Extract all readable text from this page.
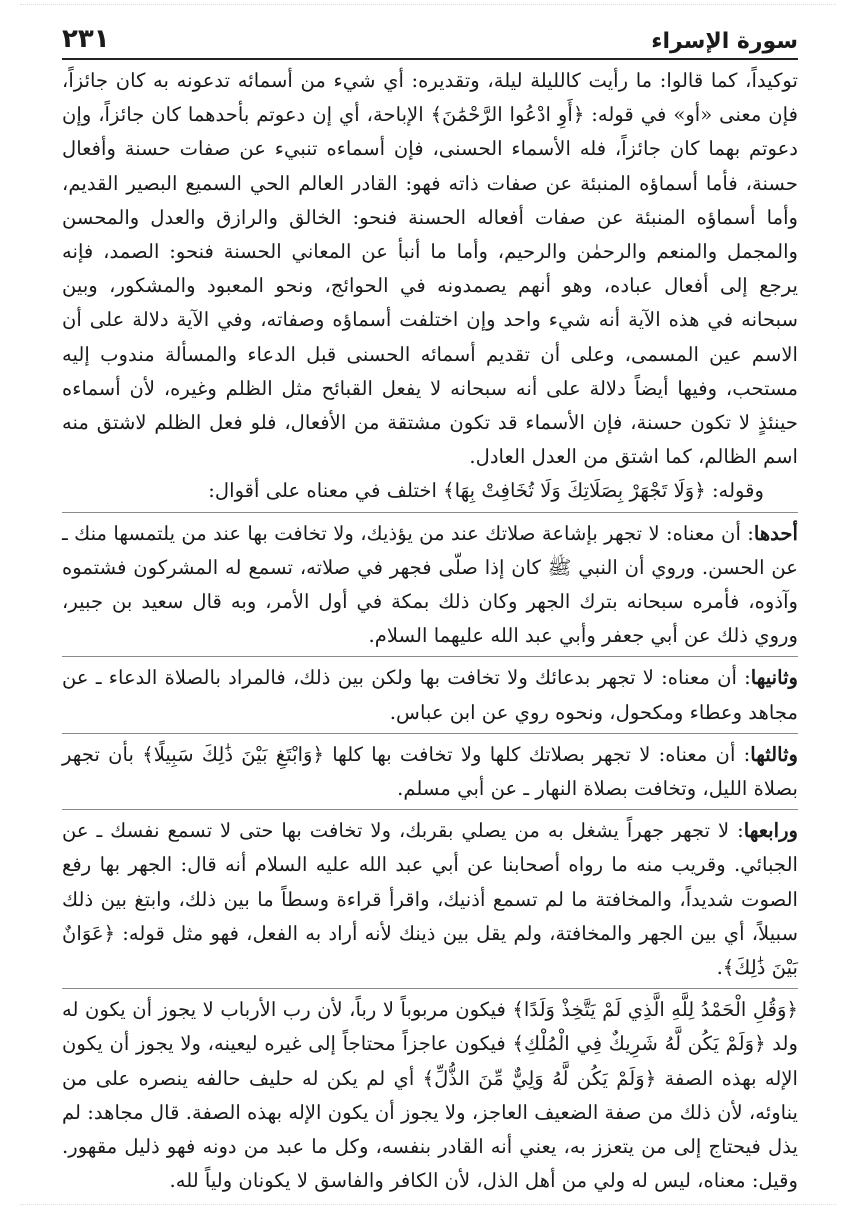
سورة الإسراء
٢٣١

توكيداً، كما قالوا: ما رأيت كالليلة ليلة، وتقديره: أي شيء من أسمائه تدعونه به كان جائزاً، فإن معنى «أو» في قوله: ﴿أَوِ ادْعُوا الرَّحْمَٰنَ﴾ الإباحة، أي إن دعوتم بأحدهما كان جائزاً، وإن دعوتم بهما كان جائزاً، فله الأسماء الحسنى، فإن أسماءه تنبيء عن صفات حسنة وأفعال حسنة، فأما أسماؤه المنبئة عن صفات ذاته فهو: القادر العالم الحي السميع البصير القديم، وأما أسماؤه المنبئة عن صفات أفعاله الحسنة فنحو: الخالق والرازق والعدل والمحسن والمجمل والمنعم والرحمٰن والرحيم، وأما ما أنبأ عن المعاني الحسنة فنحو: الصمد، فإنه يرجع إلى أفعال عباده، وهو أنهم يصمدونه في الحوائج، ونحو المعبود والمشكور، وبين سبحانه في هذه الآية أنه شيء واحد وإن اختلفت أسماؤه وصفاته، وفي الآية دلالة على أن الاسم عين المسمى، وعلى أن تقديم أسمائه الحسنى قبل الدعاء والمسألة مندوب إليه مستحب، وفيها أيضاً دلالة على أنه سبحانه لا يفعل القبائح مثل الظلم وغيره، لأن أسماءه حينئذٍ لا تكون حسنة، فإن الأسماء قد تكون مشتقة من الأفعال، فلو فعل الظلم لاشتق منه اسم الظالم، كما اشتق من العدل العادل.

وقوله: ﴿وَلَا تَجْهَرْ بِصَلَاتِكَ وَلَا تُخَافِتْ بِهَا﴾ اختلف في معناه على أقوال:

أحدها: أن معناه: لا تجهر بإشاعة صلاتك عند من يؤذيك، ولا تخافت بها عند من يلتمسها منك ـ عن الحسن. وروي أن النبي ﷺ كان إذا صلّى فجهر في صلاته، تسمع له المشركون فشتموه وآذوه، فأمره سبحانه بترك الجهر وكان ذلك بمكة في أول الأمر، وبه قال سعيد بن جبير، وروي ذلك عن أبي جعفر وأبي عبد الله عليهما السلام.

وثانيها: أن معناه: لا تجهر بدعائك ولا تخافت بها ولكن بين ذلك، فالمراد بالصلاة الدعاء ـ عن مجاهد وعطاء ومكحول، ونحوه روي عن ابن عباس.

وثالثها: أن معناه: لا تجهر بصلاتك كلها ولا تخافت بها كلها ﴿وَابْتَغِ بَيْنَ ذَٰلِكَ سَبِيلًا﴾ بأن تجهر بصلاة الليل، وتخافت بصلاة النهار ـ عن أبي مسلم.

ورابعها: لا تجهر جهراً يشغل به من يصلي بقربك، ولا تخافت بها حتى لا تسمع نفسك ـ عن الجبائي. وقريب منه ما رواه أصحابنا عن أبي عبد الله عليه السلام أنه قال: الجهر بها رفع الصوت شديداً، والمخافتة ما لم تسمع أذنيك، واقرأ قراءة وسطاً ما بين ذلك، وابتغ بين ذلك سبيلاً، أي بين الجهر والمخافتة، ولم يقل بين ذينك لأنه أراد به الفعل، فهو مثل قوله: ﴿عَوَانٌ بَيْنَ ذَٰلِكَ﴾.

﴿وَقُلِ الْحَمْدُ لِلَّهِ الَّذِي لَمْ يَتَّخِذْ وَلَدًا﴾ فيكون مربوباً لا رباً، لأن رب الأرباب لا يجوز أن يكون له ولد ﴿وَلَمْ يَكُن لَّهُ شَرِيكٌ فِي الْمُلْكِ﴾ فيكون عاجزاً محتاجاً إلى غيره ليعينه، ولا يجوز أن يكون الإله بهذه الصفة ﴿وَلَمْ يَكُن لَّهُ وَلِيٌّ مِّنَ الذُّلِّ﴾ أي لم يكن له حليف حالفه ينصره على من يناوئه، لأن ذلك من صفة الضعيف العاجز، ولا يجوز أن يكون الإله بهذه الصفة. قال مجاهد: لم يذل فيحتاج إلى من يتعزز به، يعني أنه القادر بنفسه، وكل ما عبد من دونه فهو ذليل مقهور. وقيل: معناه، ليس له ولي من أهل الذل، لأن الكافر والفاسق لا يكونان ولياً لله.
